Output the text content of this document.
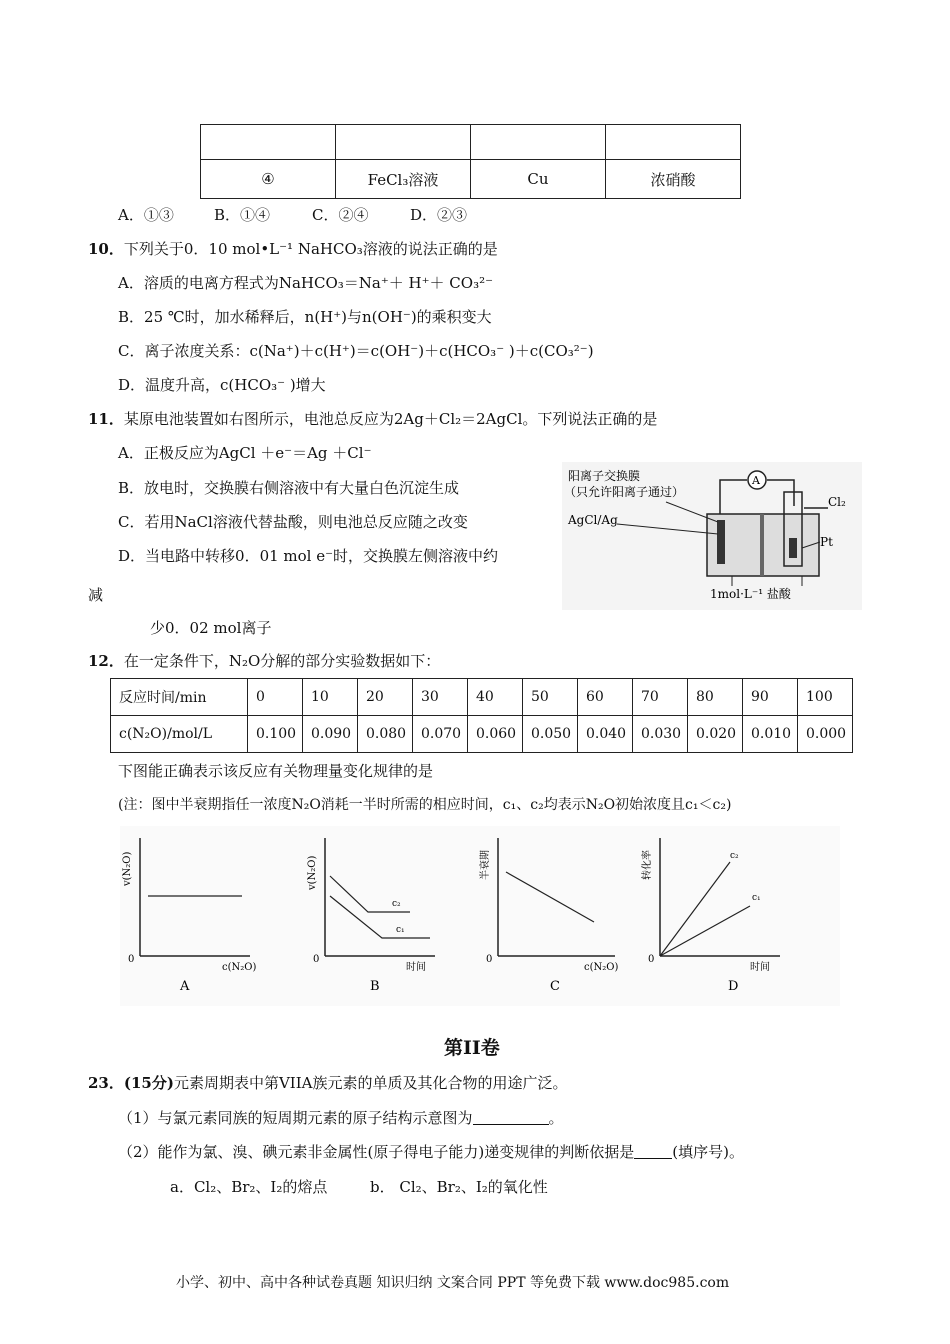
④	FeCl₃溶液	Cu	浓硝酸
A．①③	B．①④	C．②④	D．②③
10．下列关于0．10 mol•L⁻¹ NaHCO₃溶液的说法正确的是
A．溶质的电离方程式为NaHCO₃＝Na⁺＋ H⁺＋ CO₃²⁻
B．25 ℃时，加水稀释后，n(H⁺)与n(OH⁻)的乘积变大
C．离子浓度关系：c(Na⁺)＋c(H⁺)＝c(OH⁻)＋c(HCO₃⁻ )＋c(CO₃²⁻)
D．温度升高，c(HCO₃⁻ )增大
11．某原电池装置如右图所示，电池总反应为2Ag＋Cl₂＝2AgCl。下列说法正确的是
A．正极反应为AgCl ＋e⁻＝Ag ＋Cl⁻
B．放电时，交换膜右侧溶液中有大量白色沉淀生成
C．若用NaCl溶液代替盐酸，则电池总反应随之改变
D．当电路中转移0．01 mol e⁻时，交换膜左侧溶液中约
减
少0．02 mol离子
阳离子交换膜
（只允许阳离子通过）
AgCl/Ag
Pt
Cl₂
1mol·L⁻¹ 盐酸
A
12．在一定条件下，N₂O分解的部分实验数据如下：
反应时间/min	0	10	20	30	40	50	60	70	80	90	100
c(N₂O)/mol/L	0.100	0.090	0.080	0.070	0.060	0.050	0.040	0.030	0.020	0.010	0.000
下图能正确表示该反应有关物理量变化规律的是
(注：图中半衰期指任一浓度N₂O消耗一半时所需的相应时间，c₁、c₂均表示N₂O初始浓度且c₁＜c₂)
v(N₂O)
c(N₂O)
0
A
v(N₂O)
c₂
c₁
时间
0
B
半衰期
c(N₂O)
0
C
转化率	c₂
c₁
时间
0
D
第II卷
23．(15分)元素周期表中第VIIA族元素的单质及其化合物的用途广泛。
（1）与氯元素同族的短周期元素的原子结构示意图为	。
（2）能作为氯、溴、碘元素非金属性(原子得电子能力)递变规律的判断依据是	(填序号)。
a．Cl₂、Br₂、I₂的熔点	b． Cl₂、Br₂、I₂的氧化性
小学、初中、高中各种试卷真题 知识归纳 文案合同 PPT 等免费下载 www.doc985.com
